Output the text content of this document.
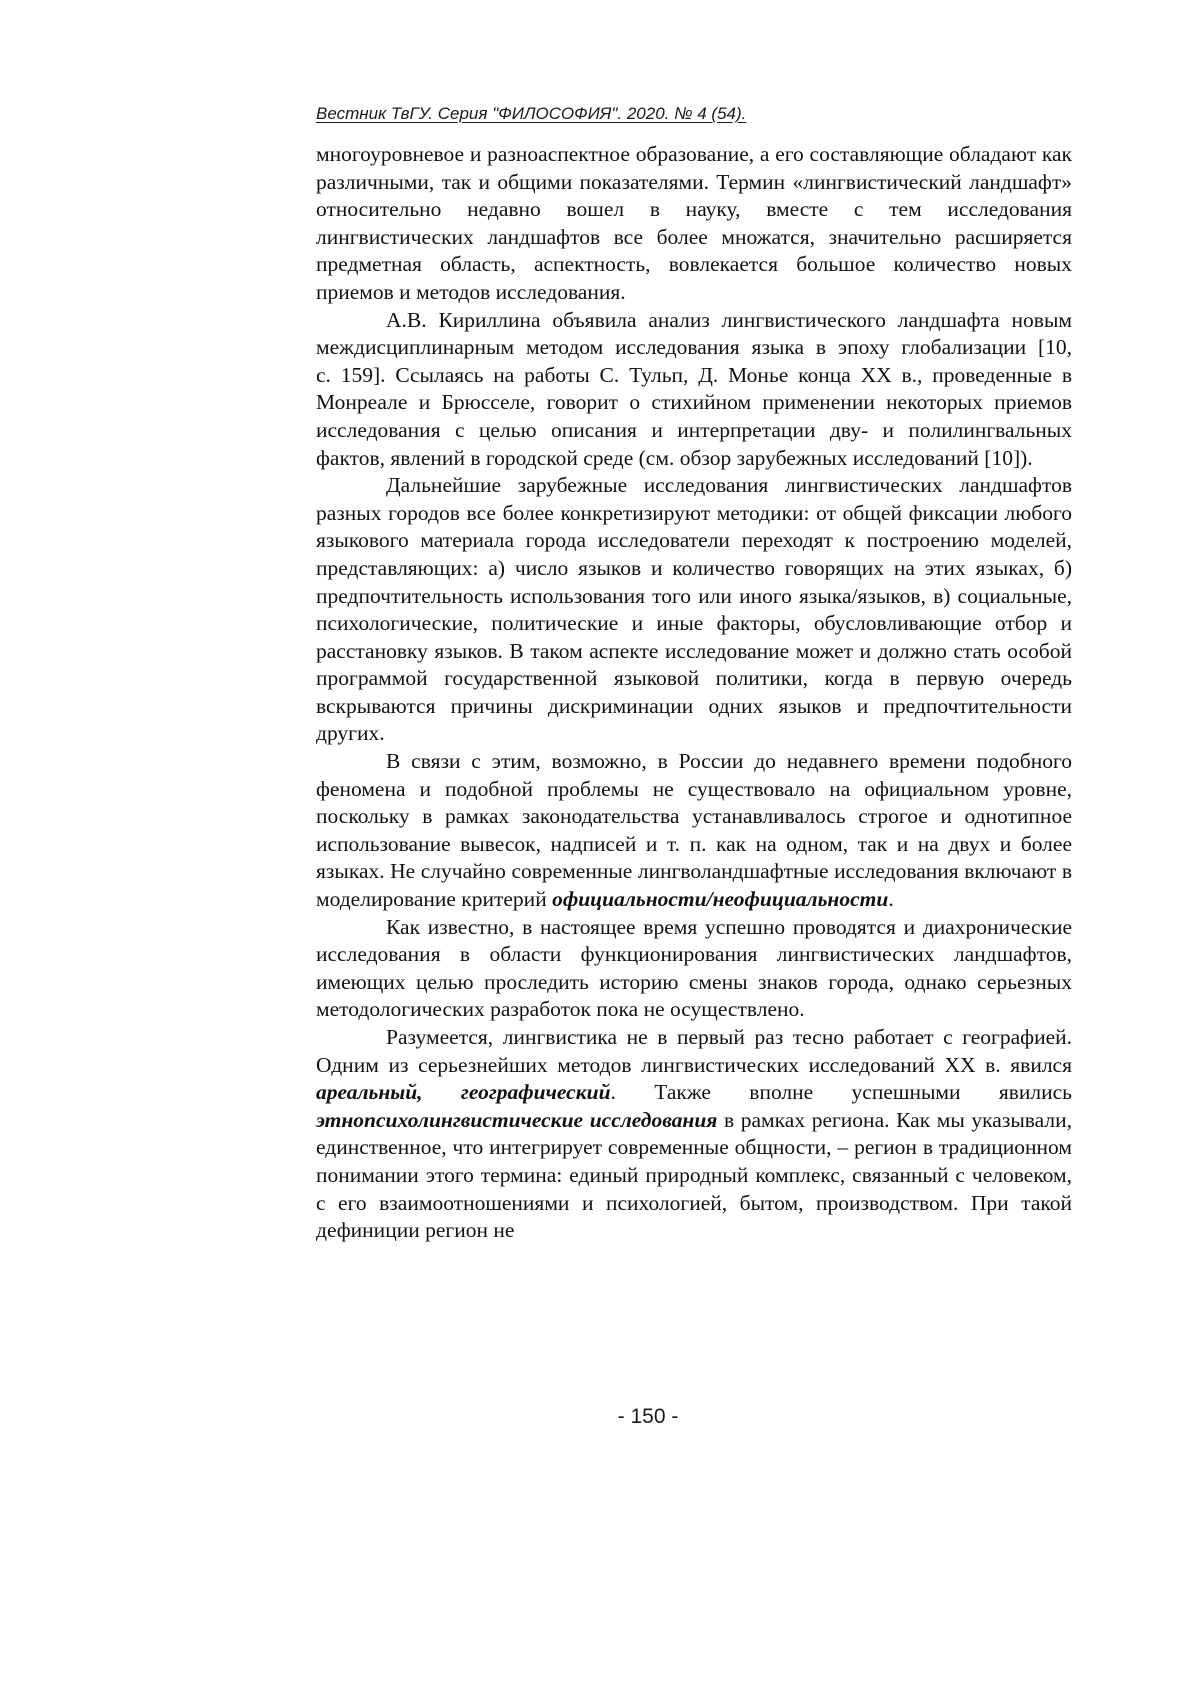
Вестник ТвГУ. Серия "ФИЛОСОФИЯ". 2020. № 4 (54).

многоуровневое и разноаспектное образование, а его составляющие обладают как различными, так и общими показателями. Термин «лингвистический ландшафт» относительно недавно вошел в науку, вместе с тем исследования лингвистических ландшафтов все более множатся, значительно расширяется предметная область, аспектность, вовлекается большое количество новых приемов и методов исследования.

А.В. Кириллина объявила анализ лингвистического ландшафта новым междисциплинарным методом исследования языка в эпоху глобализации [10, с. 159]. Ссылаясь на работы С. Тульп, Д. Монье конца XX в., проведенные в Монреале и Брюсселе, говорит о стихийном применении некоторых приемов исследования с целью описания и интерпретации дву- и полилингвальных фактов, явлений в городской среде (см. обзор зарубежных исследований [10]).

Дальнейшие зарубежные исследования лингвистических ландшафтов разных городов все более конкретизируют методики: от общей фиксации любого языкового материала города исследователи переходят к построению моделей, представляющих: а) число языков и количество говорящих на этих языках, б) предпочтительность использования того или иного языка/языков, в) социальные, психологические, политические и иные факторы, обусловливающие отбор и расстановку языков. В таком аспекте исследование может и должно стать особой программой государственной языковой политики, когда в первую очередь вскрываются причины дискриминации одних языков и предпочтительности других.

В связи с этим, возможно, в России до недавнего времени подобного феномена и подобной проблемы не существовало на официальном уровне, поскольку в рамках законодательства устанавливалось строгое и однотипное использование вывесок, надписей и т. п. как на одном, так и на двух и более языках. Не случайно современные лингволандшафтные исследования включают в моделирование критерий официальности/неофициальности.

Как известно, в настоящее время успешно проводятся и диахронические исследования в области функционирования лингвистических ландшафтов, имеющих целью проследить историю смены знаков города, однако серьезных методологических разработок пока не осуществлено.

Разумеется, лингвистика не в первый раз тесно работает с географией. Одним из серьезнейших методов лингвистических исследований XX в. явился ареальный, географический. Также вполне успешными явились этнопсихолингвистические исследования в рамках региона. Как мы указывали, единственное, что интегрирует современные общности, – регион в традиционном понимании этого термина: единый природный комплекс, связанный с человеком, с его взаимоотношениями и психологией, бытом, производством. При такой дефиниции регион не

- 150 -
